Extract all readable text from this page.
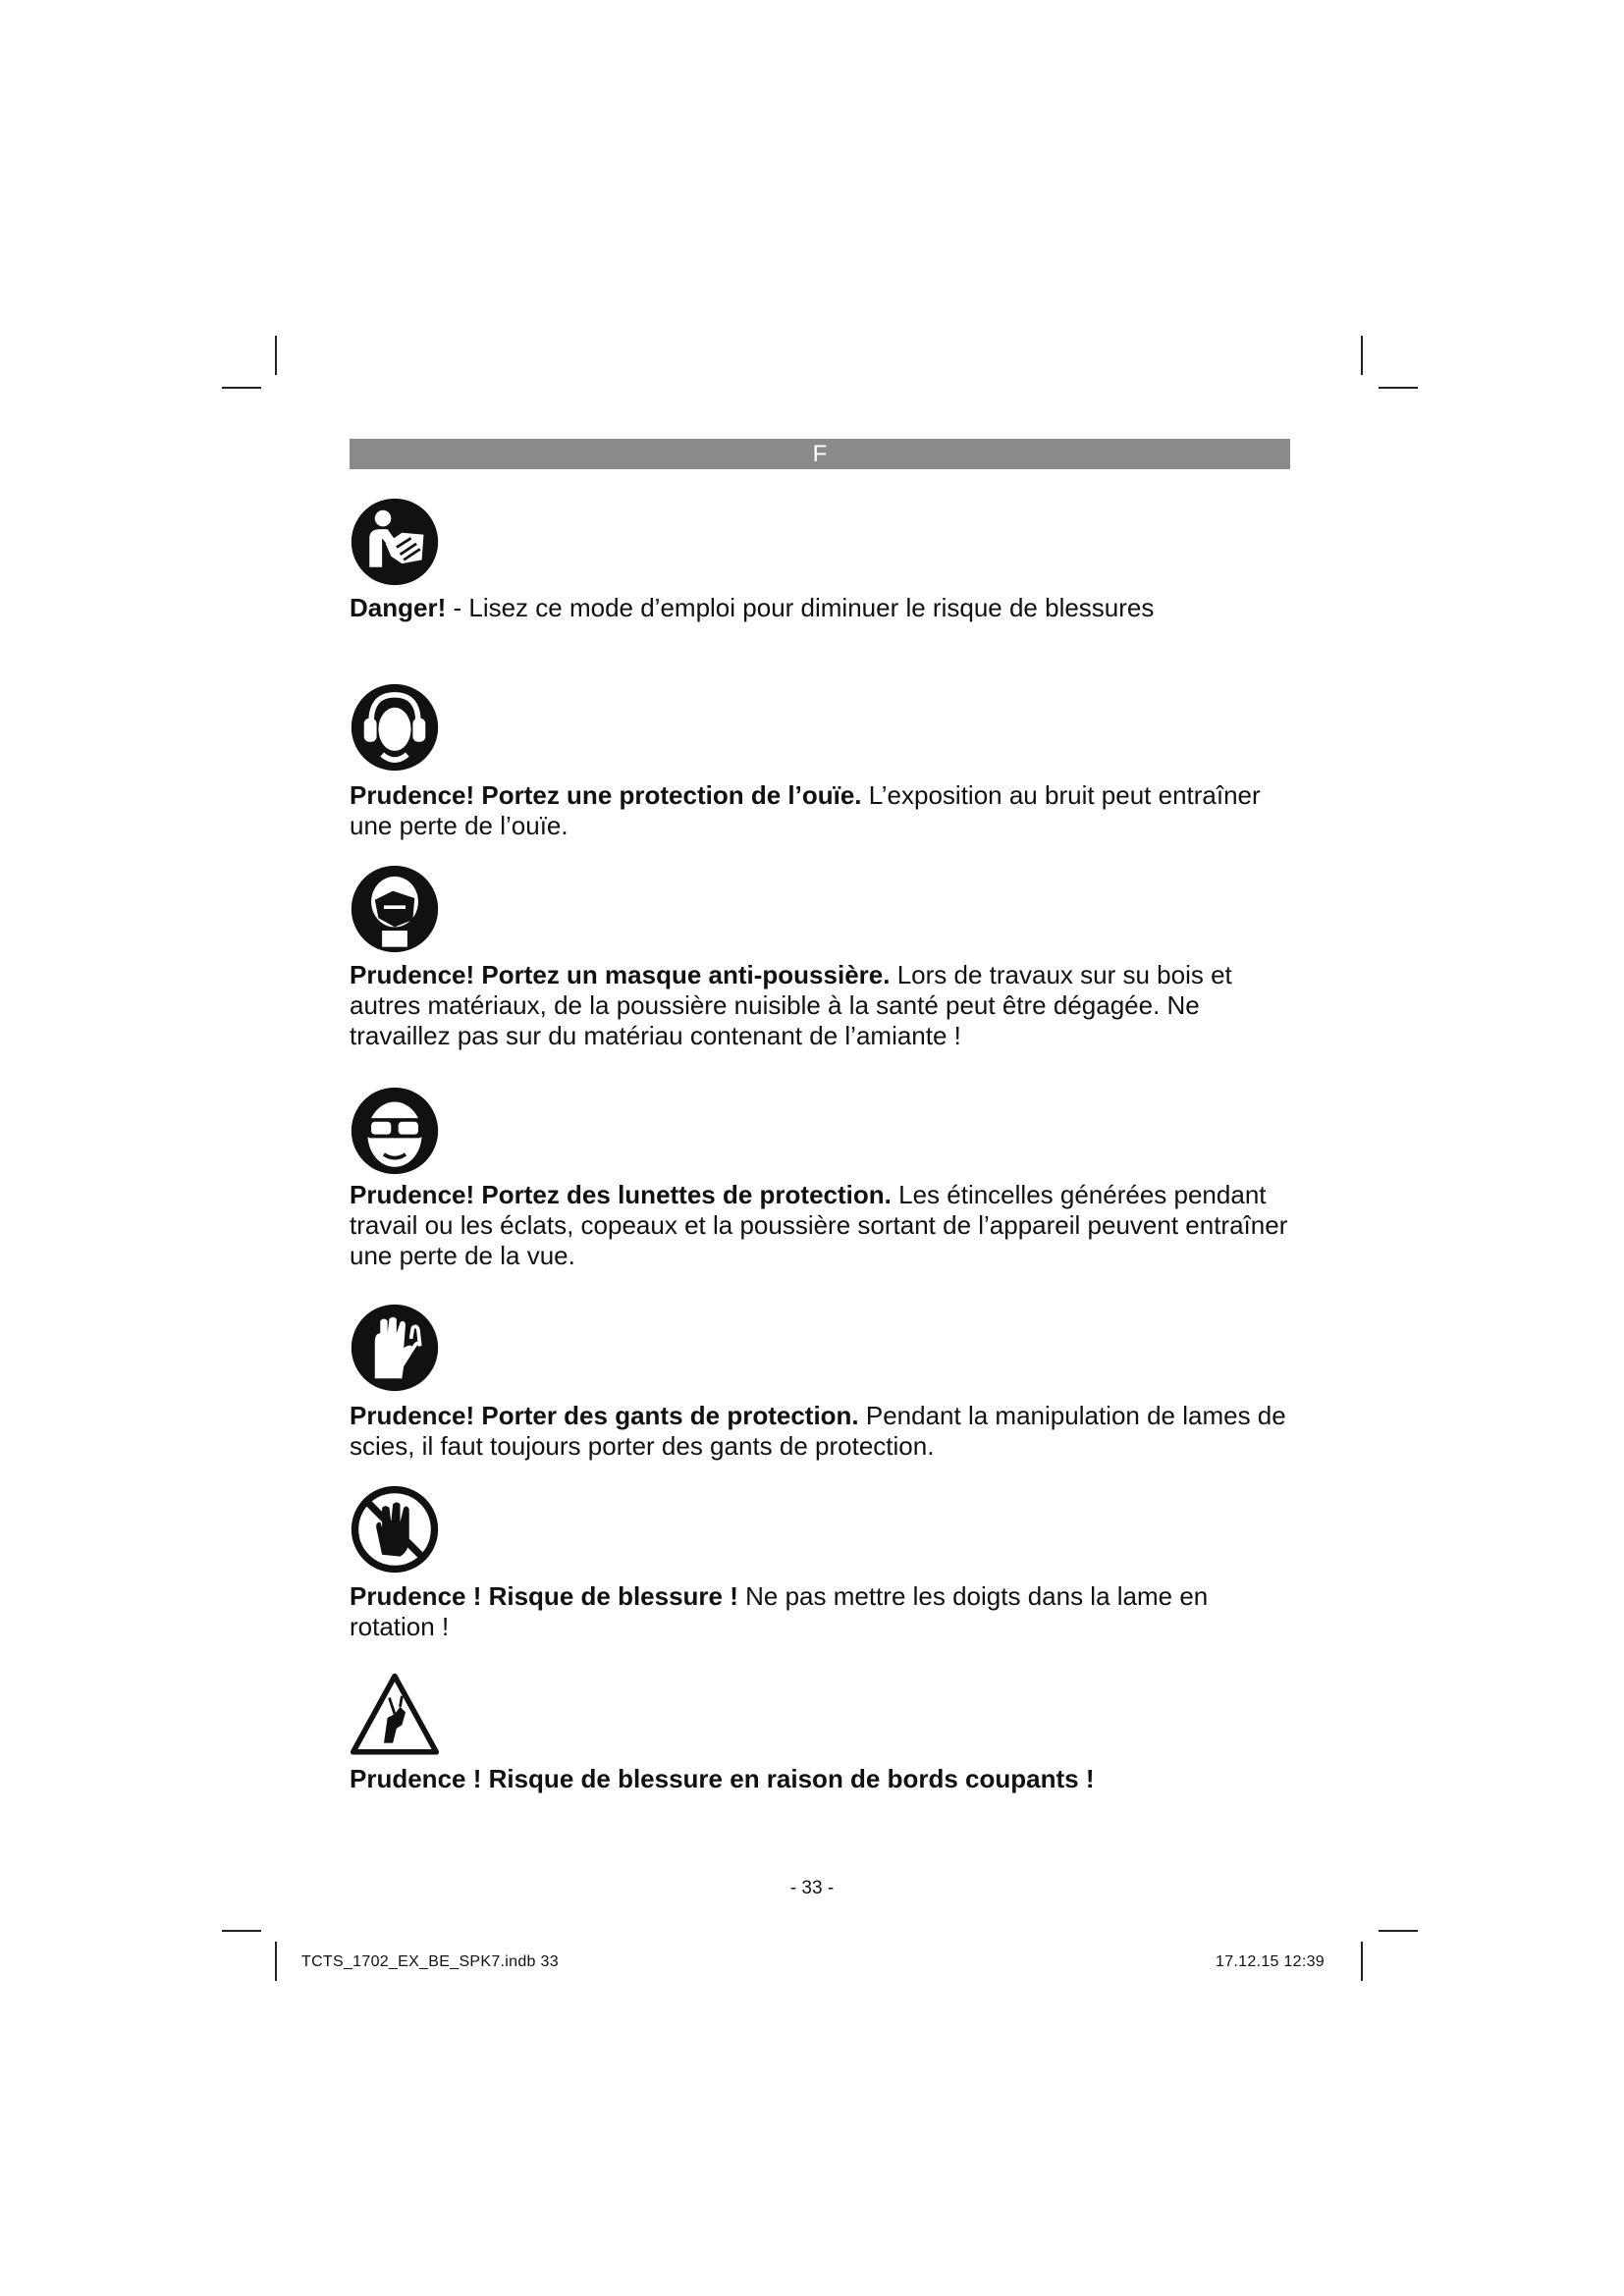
F
Danger! - Lisez ce mode d’emploi pour diminuer le risque de blessures
Prudence! Portez une protection de l’ouïe. L’exposition au bruit peut entraîner une perte de l’ouïe.
Prudence! Portez un masque anti-poussière. Lors de travaux sur su bois et autres matériaux, de la poussière nuisible à la santé peut être dégagée. Ne travaillez pas sur du matériau contenant de l’amiante !
Prudence! Portez des lunettes de protection. Les étincelles générées pendant travail ou les éclats, copeaux et la poussière sortant de l’appareil peuvent entraîner une perte de la vue.
Prudence! Porter des gants de protection. Pendant la manipulation de lames de scies, il faut toujours porter des gants de protection.
Prudence ! Risque de blessure ! Ne pas mettre les doigts dans la lame en rotation !
Prudence ! Risque de blessure en raison de bords coupants !
- 33 -
TCTS_1702_EX_BE_SPK7.indb 33	17.12.15 12:39
